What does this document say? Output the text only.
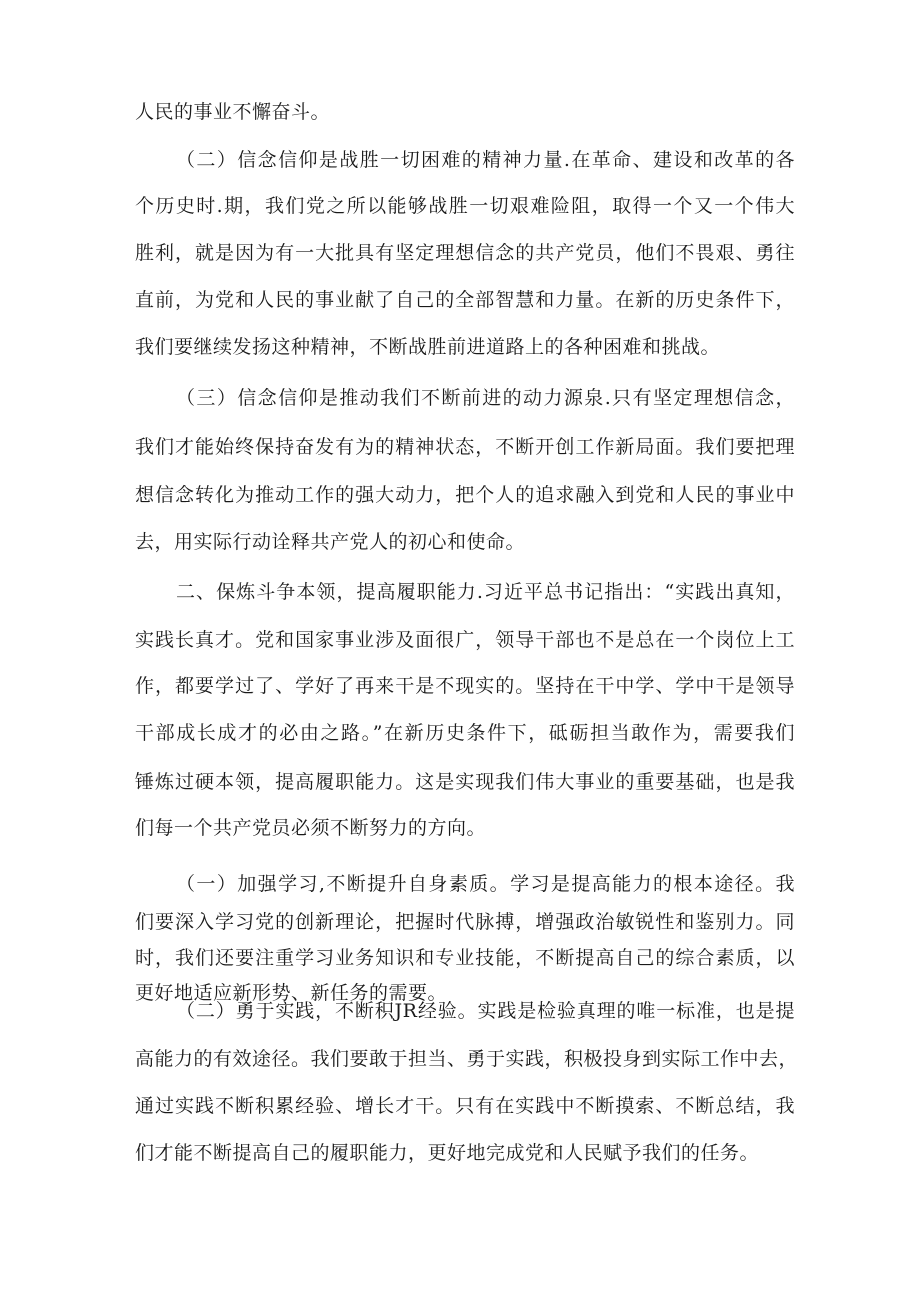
人民的事业不懈奋斗。

（二）信念信仰是战胜一切困难的精神力量.在革命、建设和改革的各

个历史时.期，我们党之所以能够战胜一切艰难险阻，取得一个又一个伟大

胜利，就是因为有一大批具有坚定理想信念的共产党员，他们不畏艰、勇往

直前，为党和人民的事业献了自己的全部智慧和力量。在新的历史条件下，

我们要继续发扬这种精神，不断战胜前进道路上的各种困难和挑战。

（三）信念信仰是推动我们不断前进的动力源泉.只有坚定理想信念，

我们才能始终保持奋发有为的精神状态，不断开创工作新局面。我们要把理

想信念转化为推动工作的强大动力，把个人的追求融入到党和人民的事业中

去，用实际行动诠释共产党人的初心和使命。

二、保炼斗争本领，提高履职能力.习近平总书记指出：“实践出真知，

实践长真才。党和国家事业涉及面很广，领导干部也不是总在一个岗位上工

作，都要学过了、学好了再来干是不现实的。坚持在干中学、学中干是领导

干部成长成才的必由之路。”在新历史条件下，砥砺担当敢作为，需要我们

锤炼过硬本领，提高履职能力。这是实现我们伟大事业的重要基础，也是我

们每一个共产党员必须不断努力的方向。

（一）加强学习,不断提升自身素质。学习是提高能力的根本途径。我

们要深入学习党的创新理论，把握时代脉搏，增强政治敏锐性和鉴别力。同

时，我们还要注重学习业务知识和专业技能，不断提高自己的综合素质，以

更好地适应新形势、新任务的需要。

（二）勇于实践，不断积JR经验。实践是检验真理的唯一标准，也是提

高能力的有效途径。我们要敢于担当、勇于实践，积极投身到实际工作中去，

通过实践不断积累经验、增长才干。只有在实践中不断摸索、不断总结，我

们才能不断提高自己的履职能力，更好地完成党和人民赋予我们的任务。
